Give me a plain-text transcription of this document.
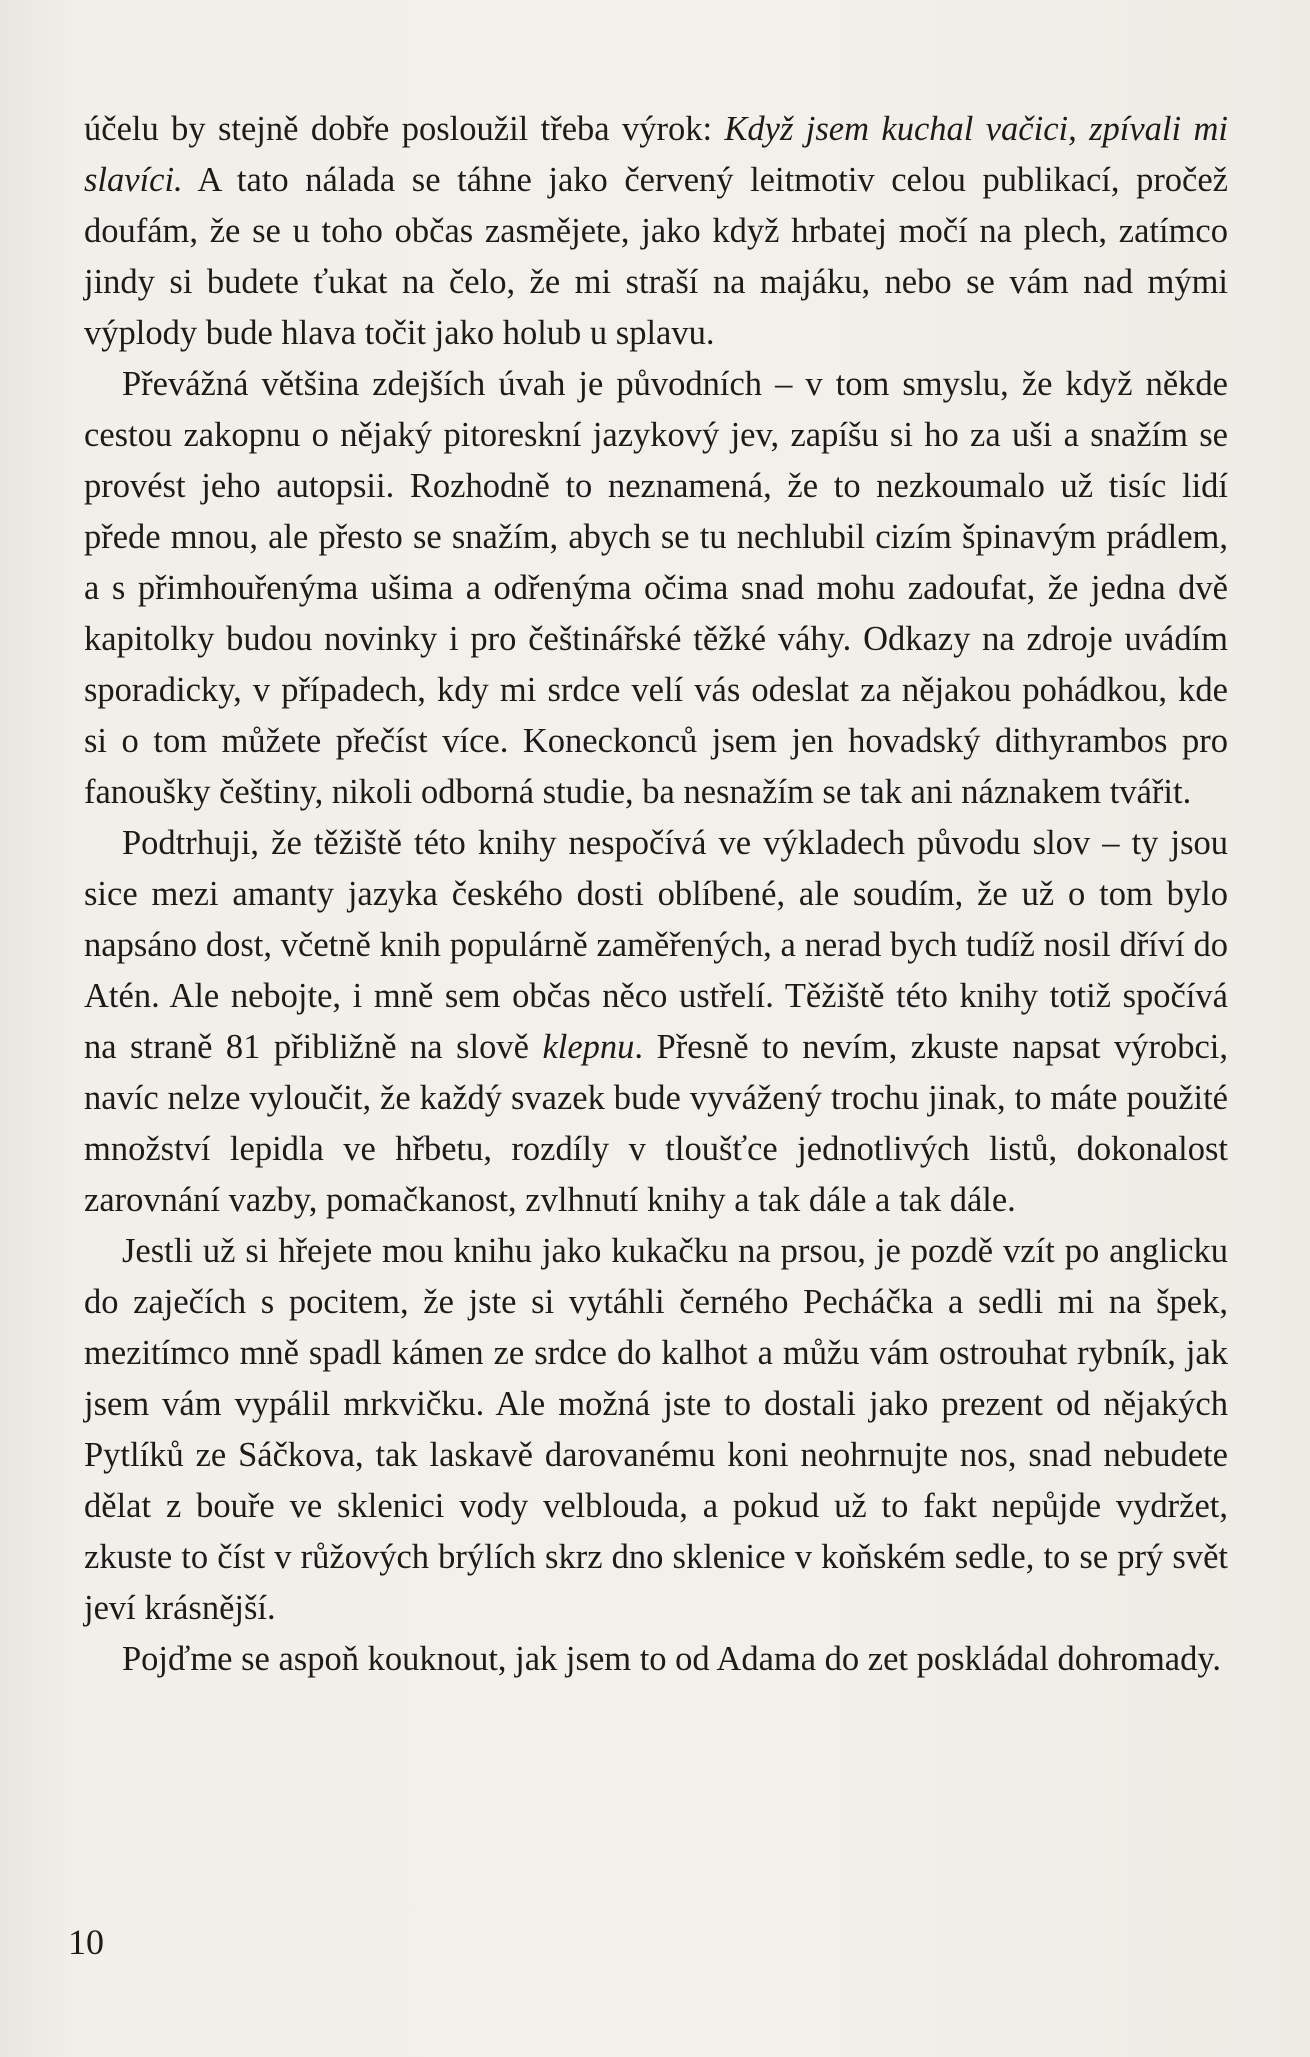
účelu by stejně dobře posloužil třeba výrok: Když jsem kuchal vačici, zpívali mi slavíci. A tato nálada se táhne jako červený leitmotiv celou publikací, pročež doufám, že se u toho občas zasmějete, jako když hrbatej močí na plech, zatímco jindy si budete ťukat na čelo, že mi straší na majáku, nebo se vám nad mými výplody bude hlava točit jako holub u splavu.

Převážná většina zdejších úvah je původních – v tom smyslu, že když někde cestou zakopnu o nějaký pitoreskní jazykový jev, zapíšu si ho za uši a snažím se provést jeho autopsii. Rozhodně to neznamená, že to nezkoumalo už tisíc lidí přede mnou, ale přesto se snažím, abych se tu nechlubil cizím špinavým prádlem, a s přimhouřenýma ušima a odřenýma očima snad mohu zadoufat, že jedna dvě kapitolky budou novinky i pro češtinářské těžké váhy. Odkazy na zdroje uvádím sporadicky, v případech, kdy mi srdce velí vás odeslat za nějakou pohádkou, kde si o tom můžete přečíst více. Koneckonců jsem jen hovadský dithyrambos pro fanoušky češtiny, nikoli odborná studie, ba nesnažím se tak ani náznakem tvářit.

Podtrhuji, že těžiště této knihy nespočívá ve výkladech původu slov – ty jsou sice mezi amanty jazyka českého dosti oblíbené, ale soudím, že už o tom bylo napsáno dost, včetně knih populárně zaměřených, a nerad bych tudíž nosil dříví do Atén. Ale nebojte, i mně sem občas něco ustřelí. Těžiště této knihy totiž spočívá na straně 81 přibližně na slově klepnu. Přesně to nevím, zkuste napsat výrobci, navíc nelze vyloučit, že každý svazek bude vyvážený trochu jinak, to máte použité množství lepidla ve hřbetu, rozdíly v tloušťce jednotlivých listů, dokonalost zarovnání vazby, pomačkanost, zvlhnutí knihy a tak dále a tak dále.

Jestli už si hřejete mou knihu jako kukačku na prsou, je pozdě vzít po anglicku do zaječích s pocitem, že jste si vytáhli černého Pecháčka a sedli mi na špek, mezitímco mně spadl kámen ze srdce do kalhot a můžu vám ostrouhat rybník, jak jsem vám vypálil mrkvičku. Ale možná jste to dostali jako prezent od nějakých Pytlíků ze Sáčkova, tak laskavě darovanému koni neohrnujte nos, snad nebudete dělat z bouře ve sklenici vody velblouda, a pokud už to fakt nepůjde vydržet, zkuste to číst v růžových brýlích skrz dno sklenice v koňském sedle, to se prý svět jeví krásnější.

Pojďme se aspoň kouknout, jak jsem to od Adama do zet poskládal dohromady.

10
